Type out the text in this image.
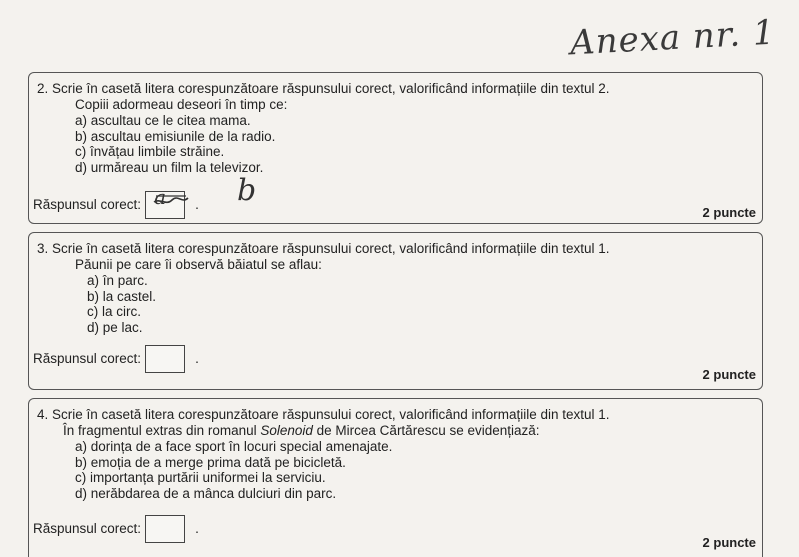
Anexa nr. 1
2. Scrie în casetă litera corespunzătoare răspunsului corect, valorificând informațiile din textul 2.
Copiii adormeau deseori în timp ce:
a) ascultau ce le citea mama.
b) ascultau emisiunile de la radio.
c) învățau limbile străine.
d) urmăreau un film la televizor.
Răspunsul corect: a . b
2 puncte
3. Scrie în casetă litera corespunzătoare răspunsului corect, valorificând informațiile din textul 1.
Păunii pe care îi observă băiatul se aflau:
a) în parc.
b) la castel.
c) la circ.
d) pe lac.
Răspunsul corect:	.
2 puncte
4. Scrie în casetă litera corespunzătoare răspunsului corect, valorificând informațiile din textul 1.
În fragmentul extras din romanul Solenoid de Mircea Cărtărescu se evidențiază:
a) dorința de a face sport în locuri special amenajate.
b) emoția de a merge prima dată pe bicicletă.
c) importanța purtării uniformei la serviciu.
d) nerăbdarea de a mânca dulciuri din parc.
Răspunsul corect:	.
2 puncte
